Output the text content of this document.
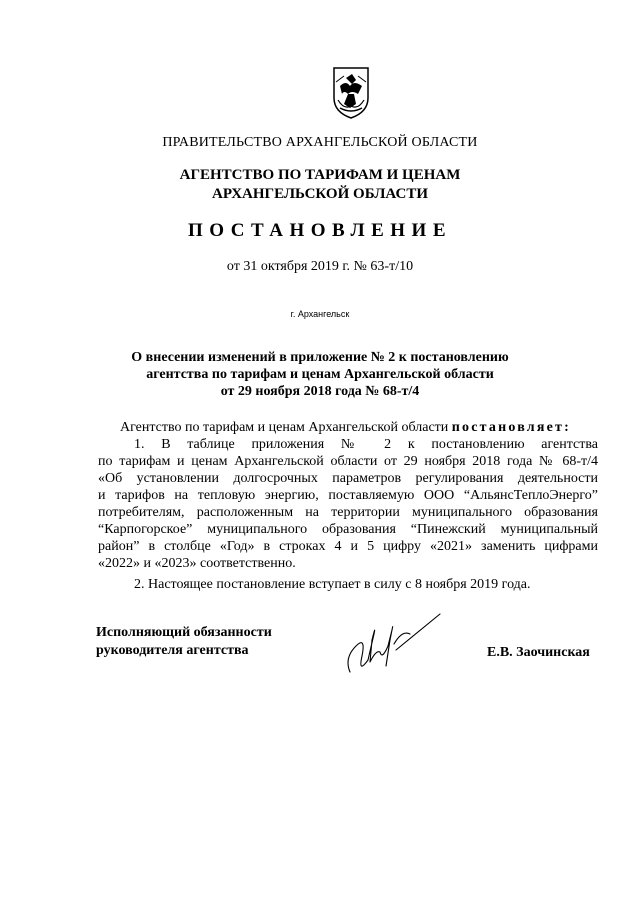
ПРАВИТЕЛЬСТВО АРХАНГЕЛЬСКОЙ ОБЛАСТИ
АГЕНТСТВО ПО ТАРИФАМ И ЦЕНАМ
АРХАНГЕЛЬСКОЙ ОБЛАСТИ
ПОСТАНОВЛЕНИЕ
от 31 октября 2019 г. № 63-т/10
г. Архангельск
О внесении изменений в приложение № 2 к постановлению
агентства по тарифам и ценам Архангельской области
от 29 ноября 2018 года № 68-т/4
Агентство по тарифам и ценам Архангельской области постановляет:
1. В таблице приложения № 2 к постановлению агентства
по тарифам и ценам Архангельской области от 29 ноября 2018 года № 68-т/4
«Об установлении долгосрочных параметров регулирования деятельности
и тарифов на тепловую энергию, поставляемую ООО “АльянсТеплоЭнерго”
потребителям, расположенным на территории муниципального образования
“Карпогорское” муниципального образования “Пинежский муниципальный
район” в столбце «Год» в строках 4 и 5 цифру «2021» заменить цифрами
«2022» и «2023» соответственно.
2. Настоящее постановление вступает в силу с 8 ноября 2019 года.
Исполняющий обязанности
руководителя агентства	Е.В. Заочинская
